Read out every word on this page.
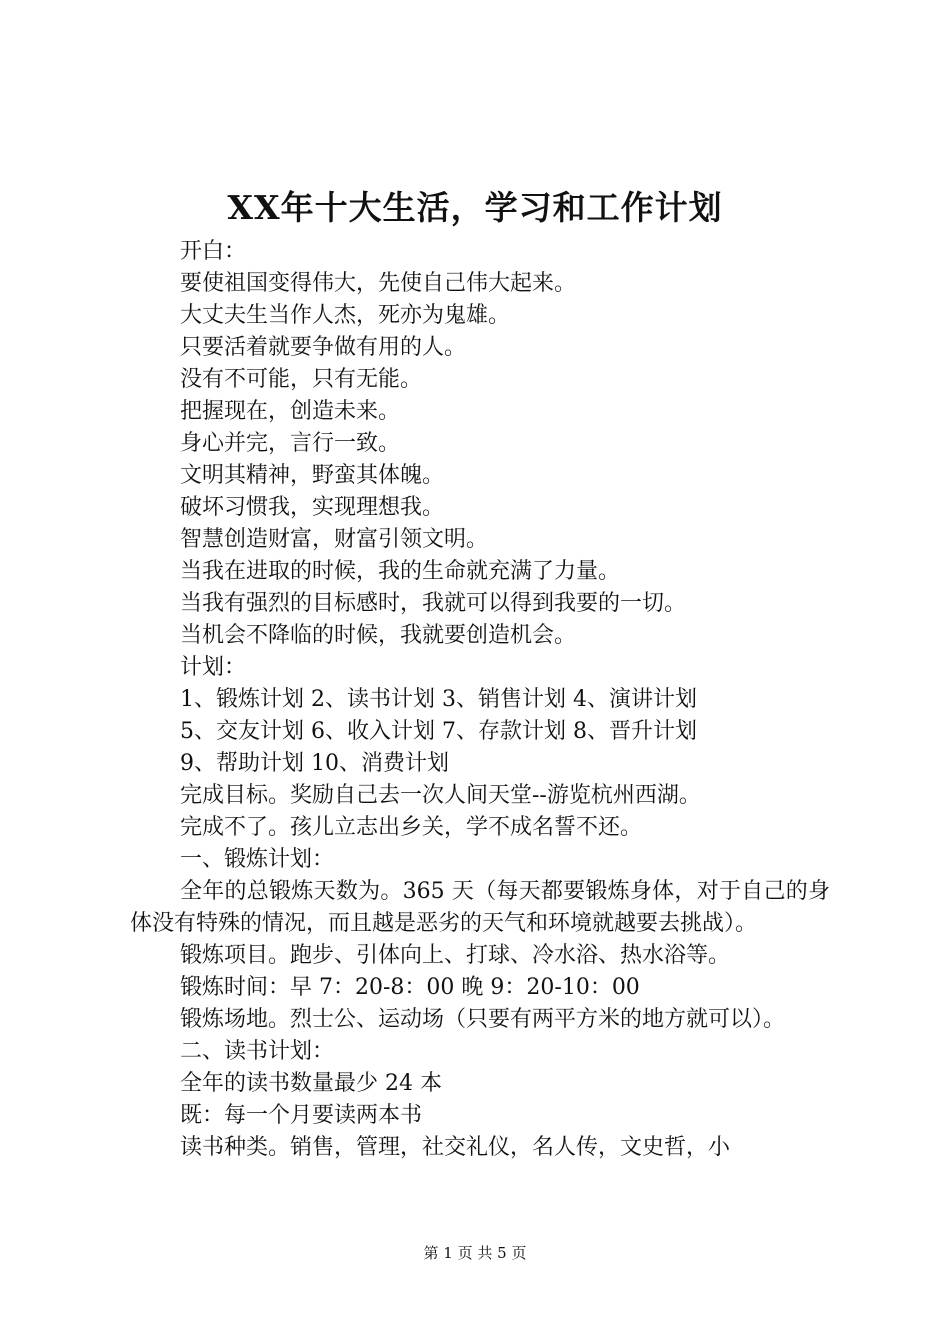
XX年十大生活，学习和工作计划
开白：
要使祖国变得伟大，先使自己伟大起来。
大丈夫生当作人杰，死亦为鬼雄。
只要活着就要争做有用的人。
没有不可能，只有无能。
把握现在，创造未来。
身心并完，言行一致。
文明其精神，野蛮其体魄。
破坏习惯我，实现理想我。
智慧创造财富，财富引领文明。
当我在进取的时候，我的生命就充满了力量。
当我有强烈的目标感时，我就可以得到我要的一切。
当机会不降临的时候，我就要创造机会。
计划：
1、锻炼计划 2、读书计划 3、销售计划 4、演讲计划
5、交友计划 6、收入计划 7、存款计划 8、晋升计划
9、帮助计划 10、消费计划
完成目标。奖励自己去一次人间天堂--游览杭州西湖。
完成不了。孩儿立志出乡关，学不成名誓不还。
一、锻炼计划：
全年的总锻炼天数为。365 天（每天都要锻炼身体，对于自己的身体没有特殊的情况，而且越是恶劣的天气和环境就越要去挑战）。
锻炼项目。跑步、引体向上、打球、冷水浴、热水浴等。
锻炼时间：早 7：20-8：00 晚 9：20-10：00
锻炼场地。烈士公、运动场（只要有两平方米的地方就可以）。
二、读书计划：
全年的读书数量最少 24 本
既：每一个月要读两本书
读书种类。销售，管理，社交礼仪，名人传，文史哲，小
第 1 页 共 5 页
